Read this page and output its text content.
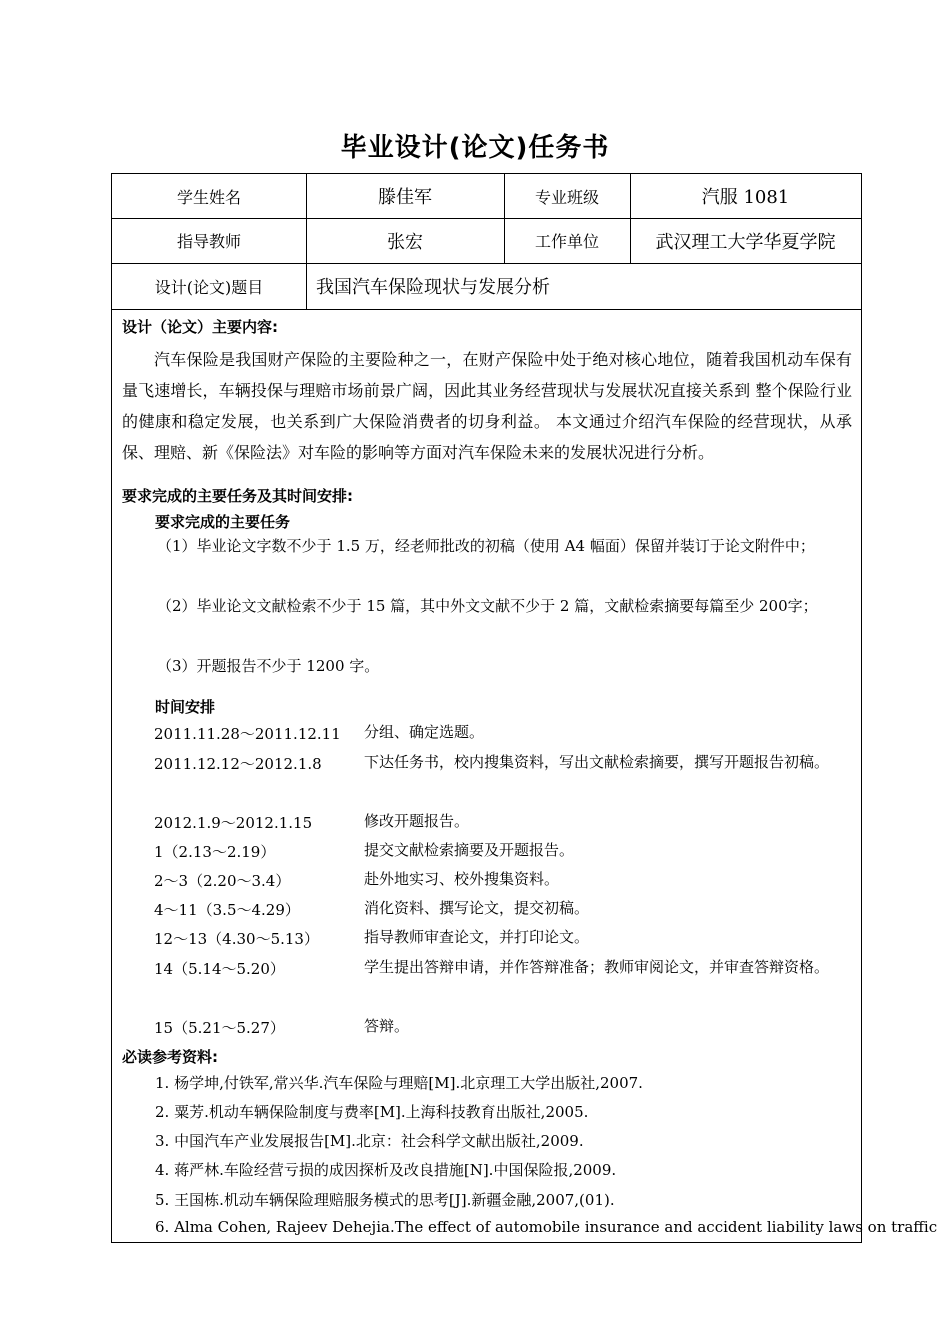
毕业设计(论文)任务书
学生姓名	滕佳军	专业班级	汽服 1081
指导教师	张宏	工作单位	武汉理工大学华夏学院
设计(论文)题目	我国汽车保险现状与发展分析
设计（论文）主要内容:
汽车保险是我国财产保险的主要险种之一，在财产保险中处于绝对核心地位，随着我国机动车保有量飞速增长，车辆投保与理赔市场前景广阔，因此其业务经营现状与发展状况直接关系到 整个保险行业的健康和稳定发展，也关系到广大保险消费者的切身利益。 本文通过介绍汽车保险的经营现状，从承保、理赔、新《保险法》对车险的影响等方面对汽车保险未来的发展状况进行分析。
要求完成的主要任务及其时间安排:
要求完成的主要任务
（1）毕业论文字数不少于 1.5 万，经老师批改的初稿（使用 A4 幅面）保留并装订于论文附件中；
（2）毕业论文文献检索不少于 15 篇，其中外文文献不少于 2 篇，文献检索摘要每篇至少 200字；
（3）开题报告不少于 1200 字。
时间安排
2011.11.28～2011.12.11 分组、确定选题。
2011.12.12～2012.1.8	下达任务书，校内搜集资料，写出文献检索摘要，撰写开题报告初稿。
2012.1.9～2012.1.15	修改开题报告。
1（2.13～2.19）	提交文献检索摘要及开题报告。
2～3（2.20～3.4）	赴外地实习、校外搜集资料。
4～11（3.5～4.29）	消化资料、撰写论文，提交初稿。
12～13（4.30～5.13）	指导教师审查论文，并打印论文。
14（5.14～5.20）	学生提出答辩申请，并作答辩准备；教师审阅论文，并审查答辩资格。
15（5.21～5.27）	答辩。
必读参考资料:
1. 杨学坤,付铁军,常兴华.汽车保险与理赔[M].北京理工大学出版社,2007.
2. 粟芳.机动车辆保险制度与费率[M].上海科技教育出版社,2005.
3. 中国汽车产业发展报告[M].北京：社会科学文献出版社,2009.
4. 蒋严林.车险经营亏损的成因探析及改良措施[N].中国保险报,2009.
5. 王国栋.机动车辆保险理赔服务模式的思考[J].新疆金融,2007,(01).
6. Alma Cohen, Rajeev Dehejia.The effect of automobile insurance and accident liability laws on traffic
